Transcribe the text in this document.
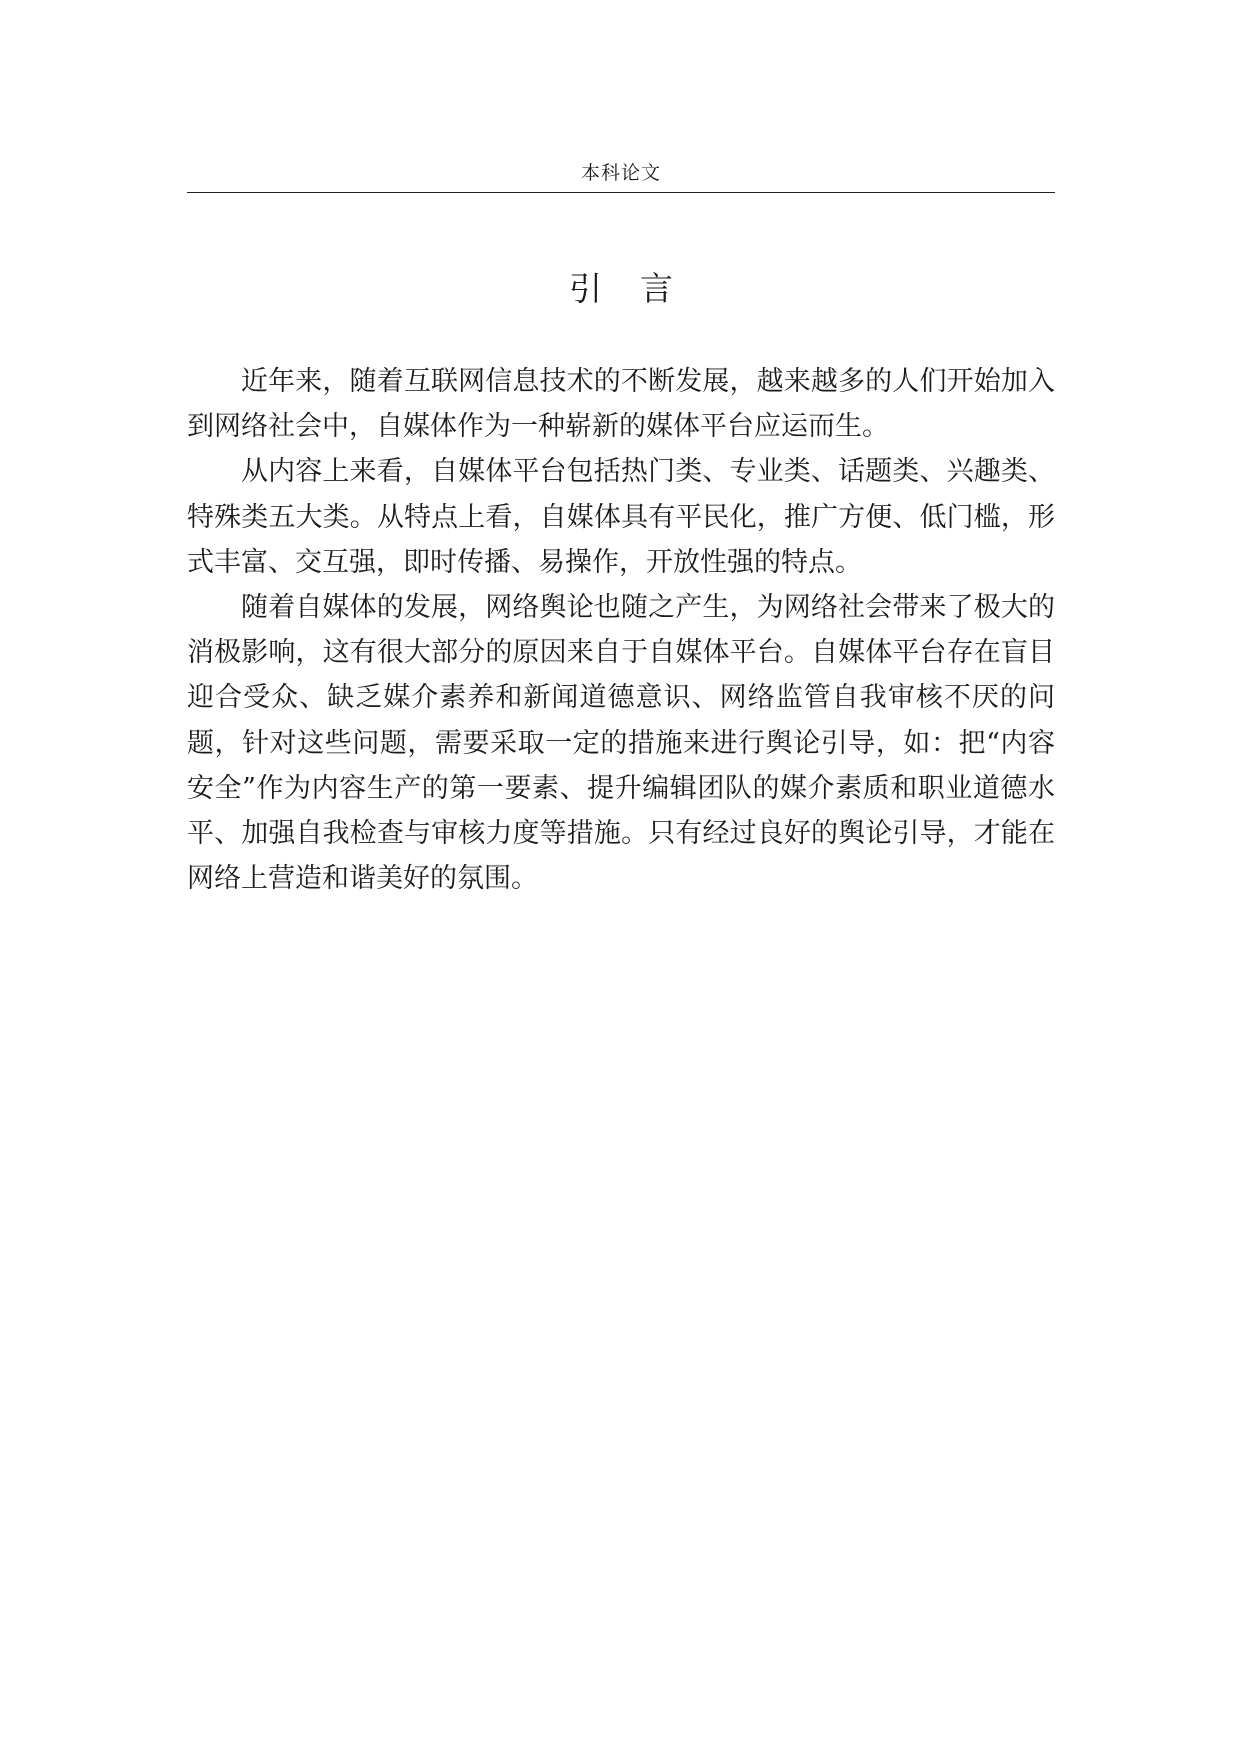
本科论文
引言

近年来，随着互联网信息技术的不断发展，越来越多的人们开始加入到网络社会中，自媒体作为一种崭新的媒体平台应运而生。

从内容上来看，自媒体平台包括热门类、专业类、话题类、兴趣类、特殊类五大类。从特点上看，自媒体具有平民化，推广方便、低门槛，形式丰富、交互强，即时传播、易操作，开放性强的特点。

随着自媒体的发展，网络舆论也随之产生，为网络社会带来了极大的消极影响，这有很大部分的原因来自于自媒体平台。自媒体平台存在盲目迎合受众、缺乏媒介素养和新闻道德意识、网络监管自我审核不厌的问题，针对这些问题，需要采取一定的措施来进行舆论引导，如：把“内容安全”作为内容生产的第一要素、提升编辑团队的媒介素质和职业道德水平、加强自我检查与审核力度等措施。只有经过良好的舆论引导，才能在网络上营造和谐美好的氛围。
